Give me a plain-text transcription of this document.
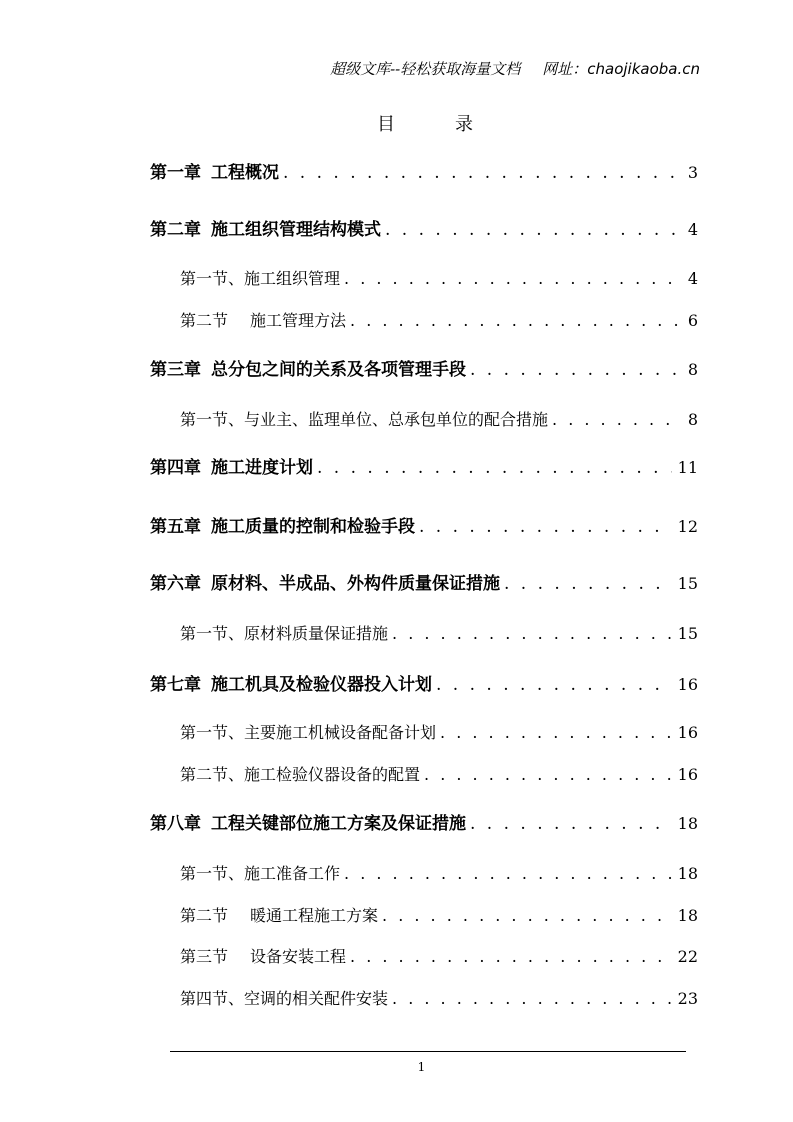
超级文库--轻松获取海量文档 网址：chaojikaoba.cn
目	录
第一章 工程概况 . . .	3
第二章 施工组织管理结构模式 . . .	4
第一节、施工组织管理 . . .	4
第二节 施工管理方法 . . .	6
第三章 总分包之间的关系及各项管理手段 . . .	8
第一节、与业主、监理单位、总承包单位的配合措施 . . .	8
第四章 施工进度计划 . . .	11
第五章 施工质量的控制和检验手段 . . .	12
第六章 原材料、半成品、外构件质量保证措施 . . .	15
第一节、原材料质量保证措施 . . .	15
第七章 施工机具及检验仪器投入计划 . . .	16
第一节、主要施工机械设备配备计划 . . .	16
第二节、施工检验仪器设备的配置 . . .	16
第八章 工程关键部位施工方案及保证措施 . . .	18
第一节、施工准备工作 . . .	18
第二节 暖通工程施工方案 . . .	18
第三节 设备安装工程 . . .	22
第四节、空调的相关配件安装 . . .	23
1
